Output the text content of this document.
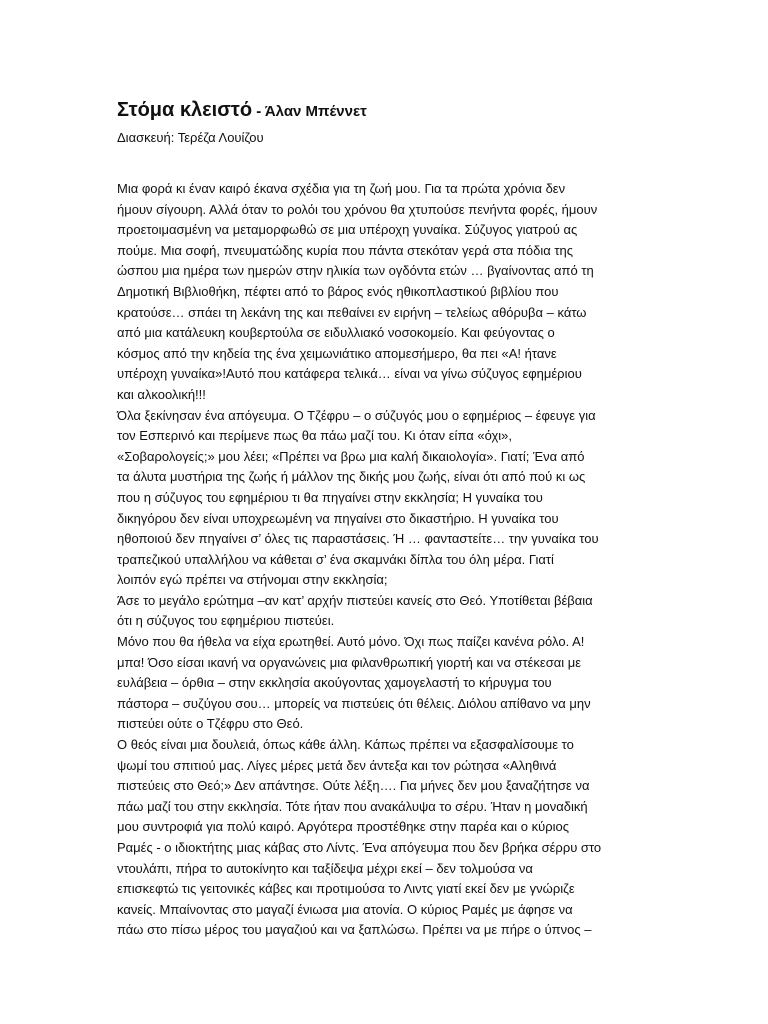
Στόμα κλειστό - Άλαν Μπέννετ

Διασκευή: Τερέζα Λουίζου

Μια φορά κι έναν καιρό έκανα σχέδια για τη ζωή μου. Για τα πρώτα χρόνια δεν
ήμουν σίγουρη. Αλλά όταν το ρολόι του χρόνου θα χτυπούσε πενήντα φορές, ήμουν
προετοιμασμένη να μεταμορφωθώ σε μια υπέροχη γυναίκα. Σύζυγος γιατρού ας
πούμε. Μια σοφή, πνευματώδης κυρία που πάντα στεκόταν γερά στα πόδια της
ώσπου μια ημέρα των ημερών στην ηλικία των ογδόντα ετών … βγαίνοντας από τη
Δημοτική Βιβλιοθήκη, πέφτει από το βάρος ενός ηθικοπλαστικού βιβλίου που
κρατούσε… σπάει τη λεκάνη της και πεθαίνει εν ειρήνη – τελείως αθόρυβα – κάτω
από μια κατάλευκη κουβερτούλα σε ειδυλλιακό νοσοκομείο. Και φεύγοντας ο
κόσμος από την κηδεία της ένα χειμωνιάτικο απομεσήμερο, θα πει «Α! ήτανε
υπέροχη γυναίκα»!Αυτό που κατάφερα τελικά… είναι να γίνω σύζυγος εφημέριου
και αλκοολική!!!
Όλα ξεκίνησαν ένα απόγευμα. Ο Τζέφρυ – ο σύζυγός μου ο εφημέριος – έφευγε για
τον Εσπερινό και περίμενε πως θα πάω μαζί του. Κι όταν είπα «όχι»,
«Σοβαρολογείς;» μου λέει; «Πρέπει να βρω μια καλή δικαιολογία». Γιατί; Ένα από
τα άλυτα μυστήρια της ζωής ή μάλλον της δικής μου ζωής, είναι ότι από πού κι ως
που η σύζυγος του εφημέριου τι θα πηγαίνει στην εκκλησία; Η γυναίκα του
δικηγόρου δεν είναι υποχρεωμένη να πηγαίνει στο δικαστήριο. Η γυναίκα του
ηθοποιού δεν πηγαίνει σ’ όλες τις παραστάσεις. Ή … φανταστείτε… την γυναίκα του
τραπεζικού υπαλλήλου να κάθεται σ’ ένα σκαμνάκι δίπλα του όλη μέρα. Γιατί
λοιπόν εγώ πρέπει να στήνομαι στην εκκλησία;
Άσε το μεγάλο ερώτημα –αν κατ’ αρχήν πιστεύει κανείς στο Θεό. Υποτίθεται βέβαια
ότι η σύζυγος του εφημέριου πιστεύει.
Μόνο που θα ήθελα να είχα ερωτηθεί. Αυτό μόνο. Όχι πως παίζει κανένα ρόλο. Α!
μπα! Όσο είσαι ικανή να οργανώνεις μια φιλανθρωπική γιορτή και να στέκεσαι με
ευλάβεια – όρθια – στην εκκλησία ακούγοντας χαμογελαστή το κήρυγμα του
πάστορα – συζύγου σου… μπορείς να πιστεύεις ότι θέλεις. Διόλου απίθανο να μην
πιστεύει ούτε ο Τζέφρυ στο Θεό.
Ο θεός είναι μια δουλειά, όπως κάθε άλλη. Κάπως πρέπει να εξασφαλίσουμε το
ψωμί του σπιτιού μας. Λίγες μέρες μετά δεν άντεξα και τον ρώτησα «Αληθινά
πιστεύεις στο Θεό;» Δεν απάντησε. Ούτε λέξη…. Για μήνες δεν μου ξαναζήτησε να
πάω μαζί του στην εκκλησία. Τότε ήταν που ανακάλυψα το σέρυ. Ήταν η μοναδική
μου συντροφιά για πολύ καιρό. Αργότερα προστέθηκε στην παρέα και ο κύριος
Ραμές - ο ιδιοκτήτης μιας κάβας στο Λίντς. Ένα απόγευμα που δεν βρήκα σέρρυ στο
ντουλάπι, πήρα το αυτοκίνητο και ταξίδεψα μέχρι εκεί – δεν τολμούσα να
επισκεφτώ τις γειτονικές κάβες και προτιμούσα το Λιντς γιατί εκεί δεν με γνώριζε
κανείς. Μπαίνοντας στο μαγαζί ένιωσα μια ατονία. Ο κύριος Ραμές με άφησε να
πάω στο πίσω μέρος του μαγαζιού και να ξαπλώσω. Πρέπει να με πήρε ο ύπνος –
